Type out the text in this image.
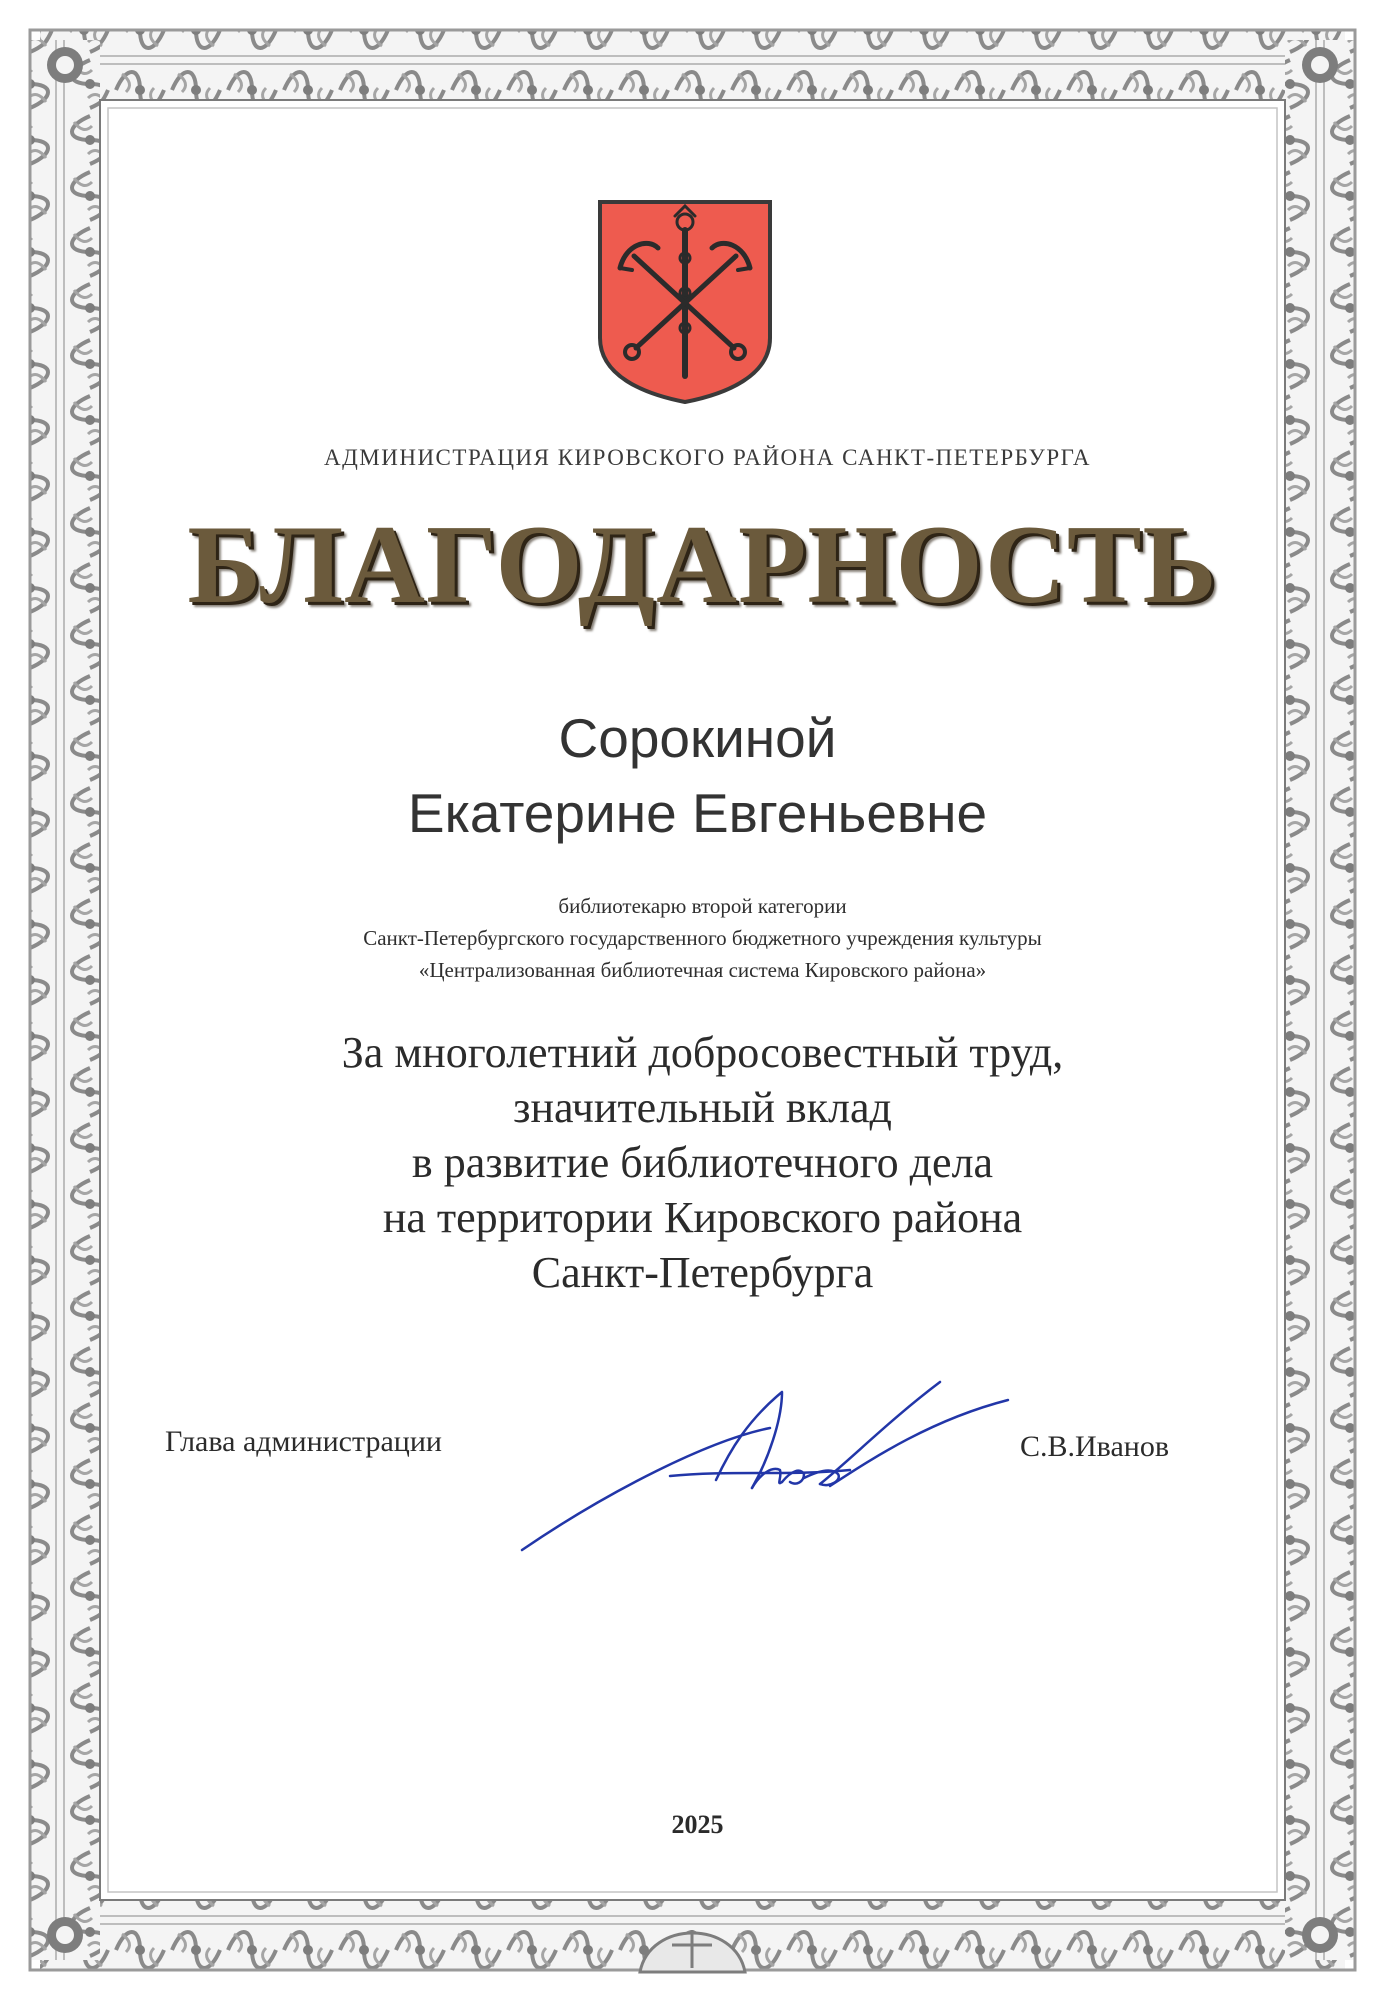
АДМИНИСТРАЦИЯ КИРОВСКОГО РАЙОНА САНКТ-ПЕТЕРБУРГА
БЛАГОДАРНОСТЬ
Сорокиной
Екатерине Евгеньевне
библиотекарю второй категории
Санкт-Петербургского государственного бюджетного учреждения культуры
«Централизованная библиотечная система Кировского района»
За многолетний добросовестный труд,
значительный вклад
в развитие библиотечного дела
на территории Кировского района
Санкт-Петербурга
Глава администрации	С.В.Иванов
2025
